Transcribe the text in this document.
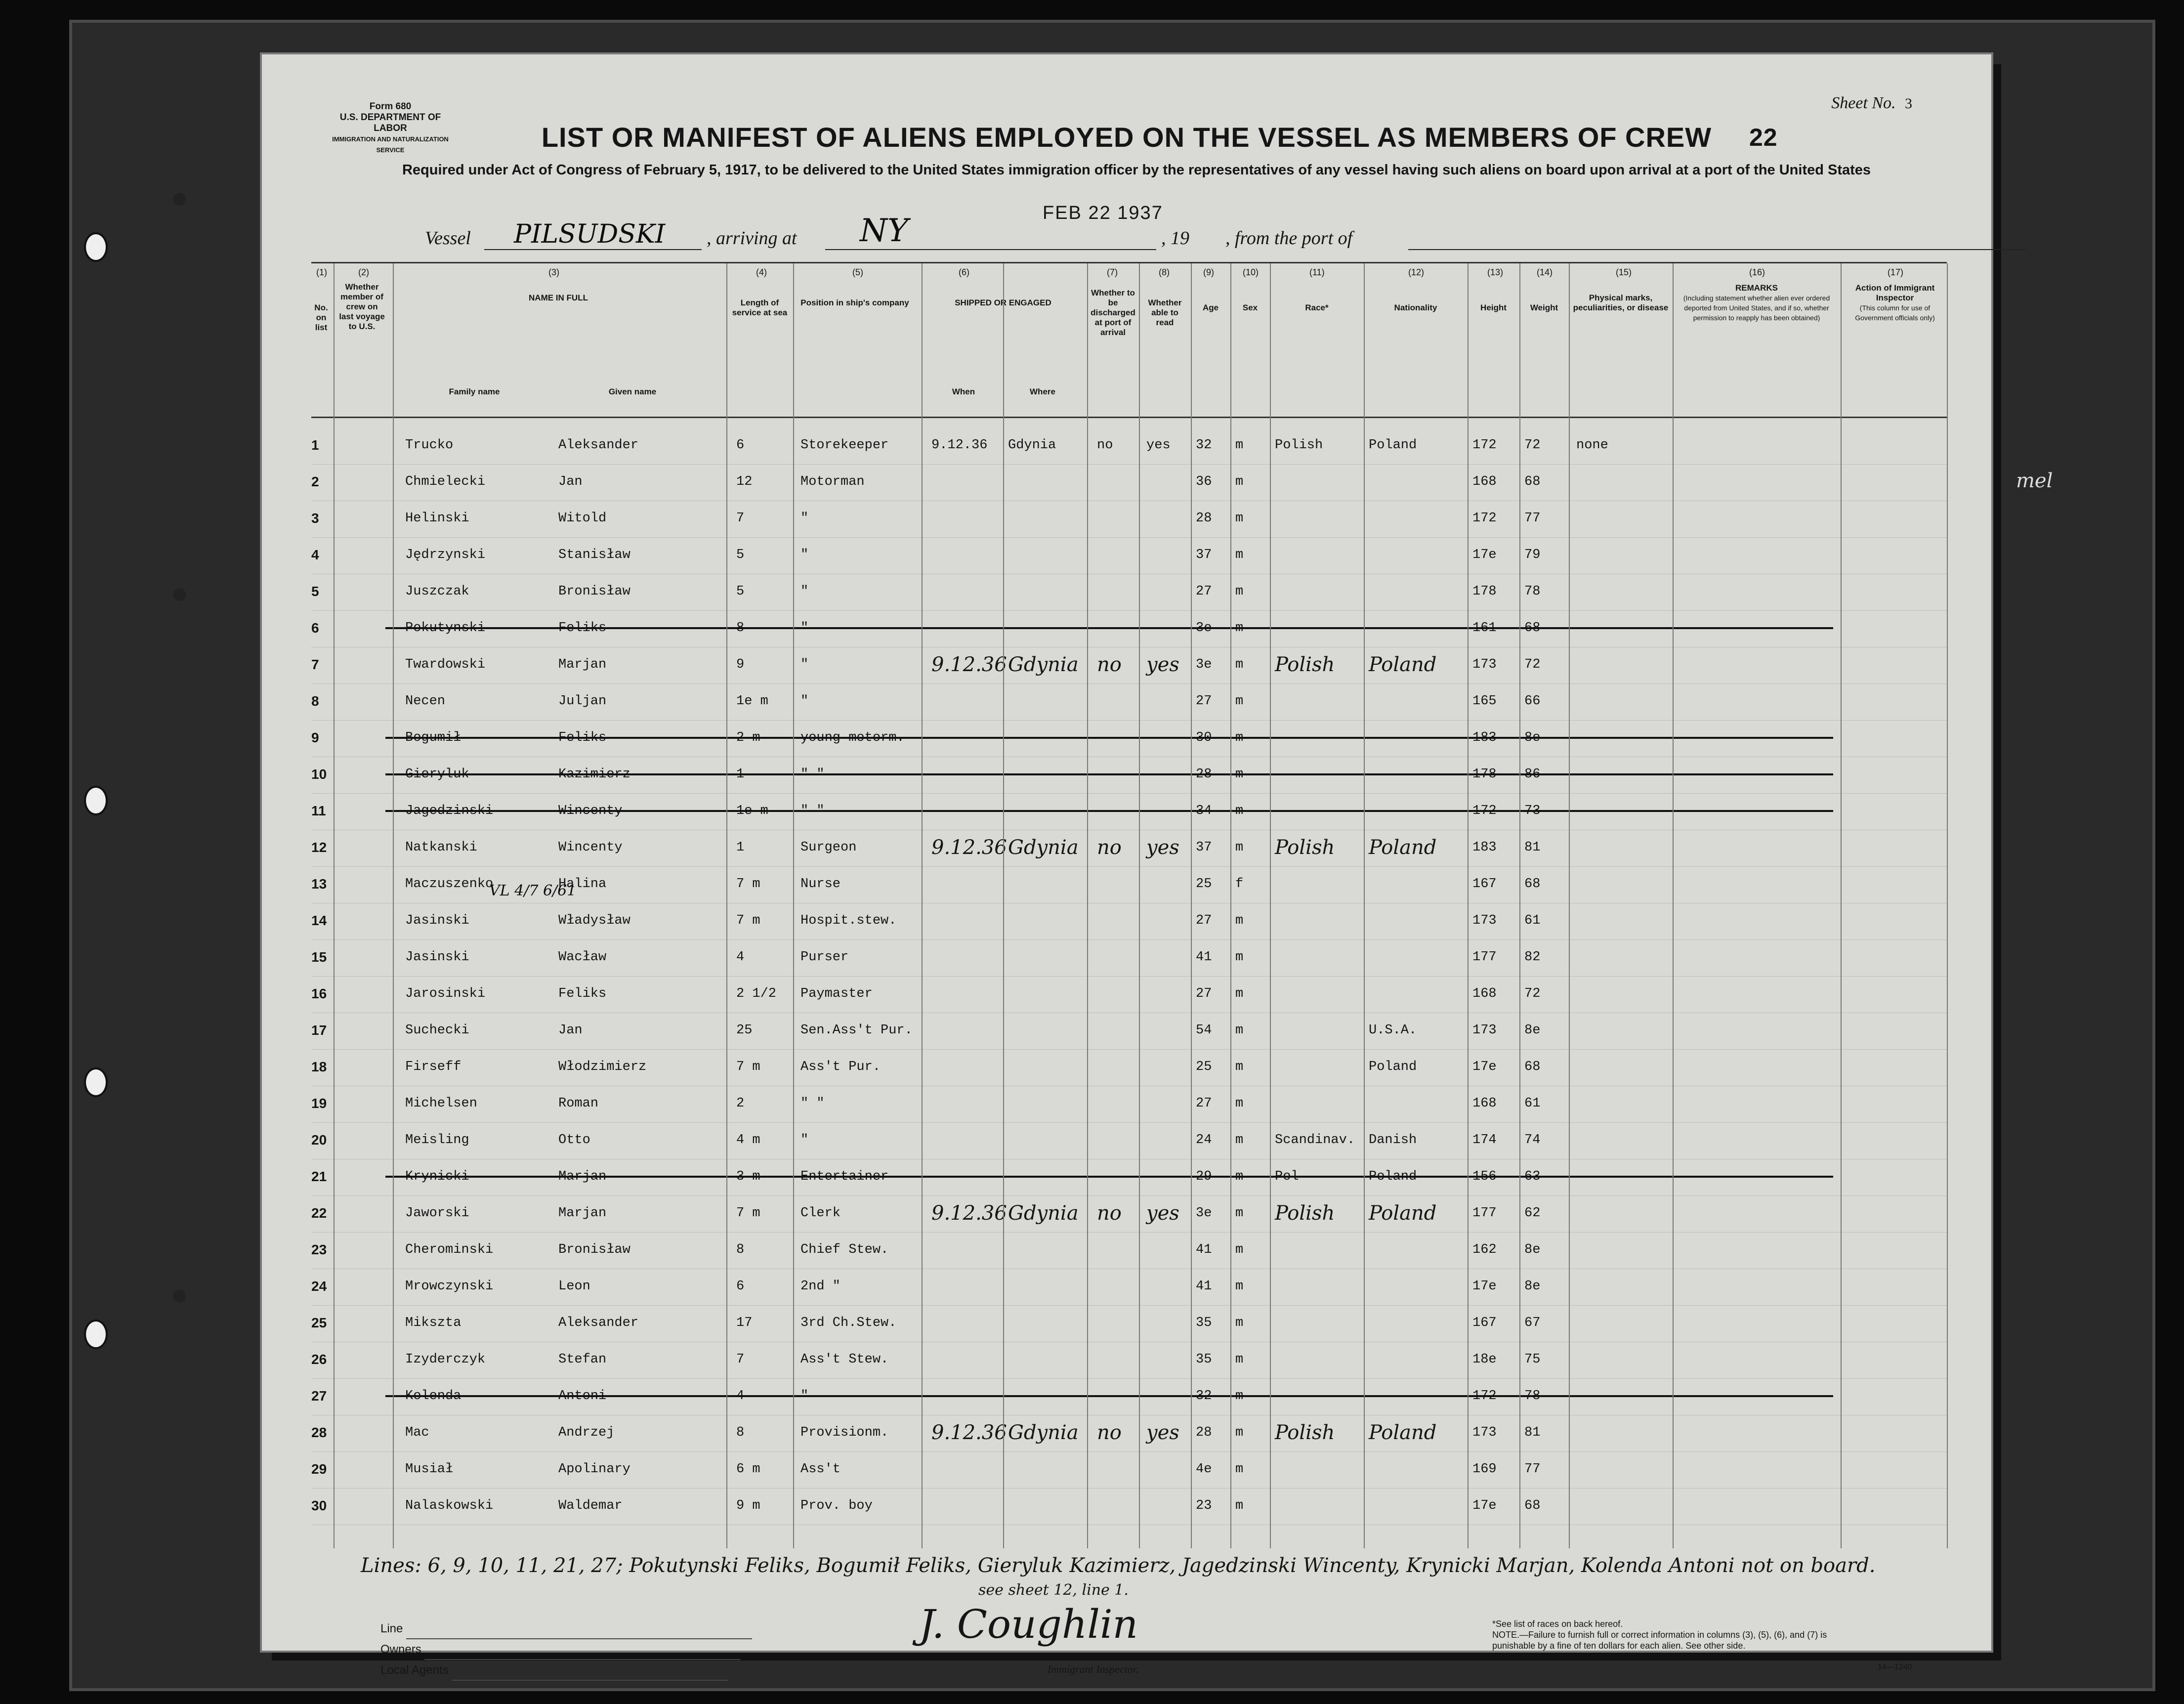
mel
Form 680
U.S. DEPARTMENT OF LABOR
IMMIGRATION AND NATURALIZATION SERVICE
Sheet No. 3
LIST OR MANIFEST OF ALIENS EMPLOYED ON THE VESSEL AS MEMBERS OF CREW 22
Required under Act of Congress of February 5, 1917, to be delivered to the United States immigration officer by the representatives of any vessel having such aliens on board upon arrival at a port of the United States
Vessel PILSUDSKI , arriving at NY	FEB 22 1937
, 19 , from the port of
No. on list
Whether member of crew on last voyage to U.S.
NAME IN FULL
Family name	Given name
Length of service at sea
Position in ship's company	SHIPPED OR ENGAGED
When	Where
Whether to be discharged at port of arrival
Whether able to read
Age	Sex	Race*	Nationality	Height	Weight
Physical marks, peculiarities, or disease
REMARKS
(Including statement whether alien ever ordered deported from United States, and if so, whether permission to reapply has been obtained)
Action of Immigrant Inspector
(This column for use of Government officials only)
1	Trucko	Aleksander	6	Storekeeper	9.12.36 Gdynia	no	yes 32 m Polish	Poland	172 72	none
2	Chmielecki	Jan	12	Motorman	36 m	168 68
3	Helinski	Witold	7	"	28 m	172 77
4	Jędrzynski	Stanisław	5	"	37 m	17e 79
5	Juszczak	Bronisław	5	"	27 m	178 78
6	Pokutynski	Feliks	8	"	3e m	161 68
7	Twardowski	Marjan	9	"	9.12.36 Gdynia no yes 3e m Polish Poland	173 72
8	Necen	Juljan	1e m "	27 m	165 66
9	Bogumił	Feliks	2 m	young motorm.	30 m	183 8e
10	Gieryluk	Kazimierz	1	" "	28 m	178 86
11	Jagedzinski	Wincenty	1e m " "	34 m	172 73
12	Natkanski	Wincenty	1	Surgeon	9.12.36 Gdynia no yes 37 m Polish Poland	183 81
13	Maczuszenko	Halina	7 m	Nurse	25 f	167 68
14	Jasinski	Władysław	7 m	Hospit.stew.	27 m	173 61
15	Jasinski	Wacław	4	Purser	41 m	177 82
16	Jarosinski	Feliks	2 1/2 Paymaster	27 m	168 72
17	Suchecki	Jan	25	Sen.Ass't Pur.	54 m	U.S.A.	173 8e
18	Firseff	Włodzimierz	7 m	Ass't Pur.	25 m	Poland	17e 68
19	Michelsen	Roman	2	" "	27 m	168 61
20	Meisling	Otto	4 m	"	24 m Scandinav. Danish	174 74
21	Krynicki	Marjan	3 m	Entertainer	29 m Pol	Poland	156 63
22	Jaworski	Marjan	7 m	Clerk	9.12.36 Gdynia no yes 3e m Polish Poland	177 62
23	Cherominski	Bronisław	8	Chief Stew.	41 m	162 8e
24	Mrowczynski	Leon	6	2nd "	41 m	17e 8e
25	Mikszta	Aleksander	17	3rd Ch.Stew.	35 m	167 67
26	Izyderczyk	Stefan	7	Ass't Stew.	35 m	18e 75
27	Kolenda	Antoni	4	"	32 m	172 78
28	Mac	Andrzej	8	Provisionm. 9.12.36 Gdynia no yes 28 m Polish Poland	173 81
29	Musiał	Apolinary	6 m	Ass't	4e m	169 77
30	Nalaskowski	Waldemar	9 m	Prov. boy	23 m	17e 68
VL 4/7 6/61
(1)	(2)	(3)	(4)	(5)	(6)	(7)	(8)	(9)	(10)	(11)	(12)	(13)	(14)	(15)	(16)	(17)
Lines: 6, 9, 10, 11, 21, 27; Pokutynski Feliks, Bogumił Feliks, Gieryluk Kazimierz, Jagedzinski Wincenty, Krynicki Marjan, Kolenda Antoni not on board.
see sheet 12, line 1.
Line
Owners
Local Agents
J. Coughlin
Immigrant Inspector.
*See list of races on back hereof.
NOTE.—Failure to furnish full or correct information in columns (3), (5), (6), and (7) is punishable by a fine of ten dollars for each alien. See other side.
14—1240
